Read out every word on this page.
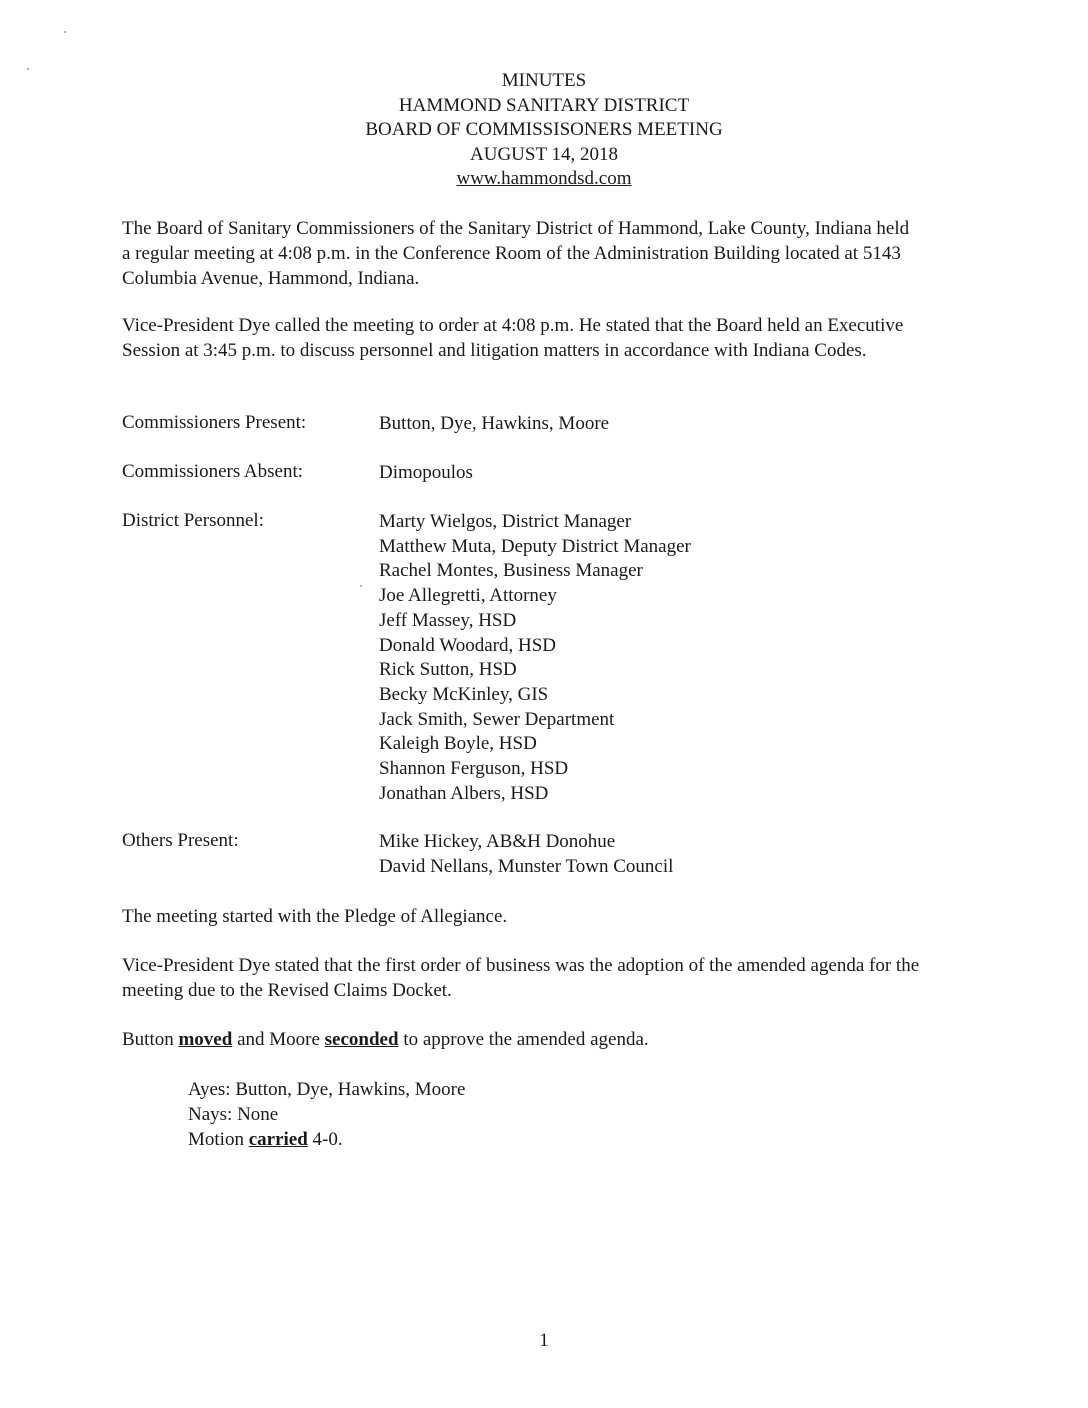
MINUTES
HAMMOND SANITARY DISTRICT
BOARD OF COMMISSISONERS MEETING
AUGUST 14, 2018
www.hammondsd.com

The Board of Sanitary Commissioners of the Sanitary District of Hammond, Lake County, Indiana held a regular meeting at 4:08 p.m. in the Conference Room of the Administration Building located at 5143 Columbia Avenue, Hammond, Indiana.

Vice-President Dye called the meeting to order at 4:08 p.m. He stated that the Board held an Executive Session at 3:45 p.m. to discuss personnel and litigation matters in accordance with Indiana Codes.

Commissioners Present:	Button, Dye, Hawkins, Moore
Commissioners Absent:	Dimopoulos
District Personnel:	Marty Wielgos, District Manager
Matthew Muta, Deputy District Manager
Rachel Montes, Business Manager
Joe Allegretti, Attorney
Jeff Massey, HSD
Donald Woodard, HSD
Rick Sutton, HSD
Becky McKinley, GIS
Jack Smith, Sewer Department
Kaleigh Boyle, HSD
Shannon Ferguson, HSD
Jonathan Albers, HSD
Others Present:	Mike Hickey, AB&H Donohue
David Nellans, Munster Town Council

The meeting started with the Pledge of Allegiance.

Vice-President Dye stated that the first order of business was the adoption of the amended agenda for the meeting due to the Revised Claims Docket.

Button moved and Moore seconded to approve the amended agenda.

Ayes: Button, Dye, Hawkins, Moore
Nays: None
Motion carried 4-0.
1
